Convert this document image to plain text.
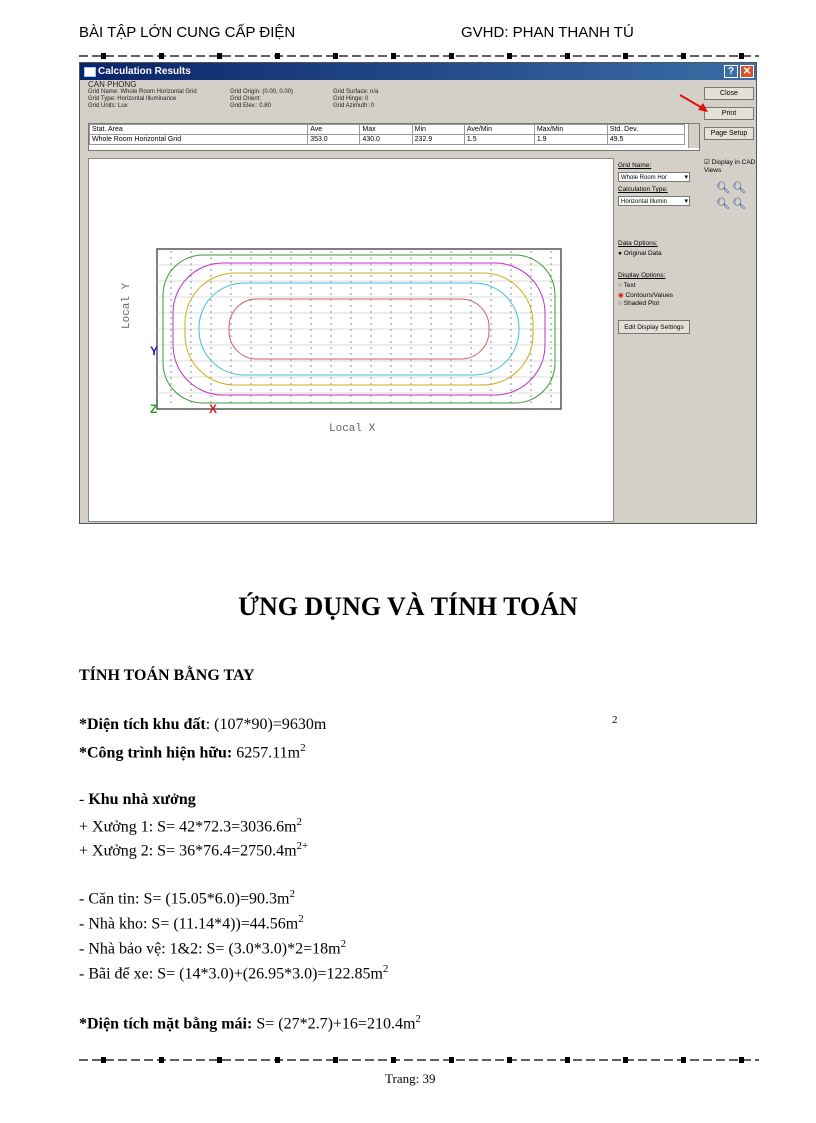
BÀI TẬP LỚN CUNG CẤP ĐIỆN	GVHD: PHAN THANH TÚ
Calculation Results	? ✕
CAN PHONG
Grid Name: Whole Room Horizontal Grid
Grid Type: Horizontal Illuminance
Grid Units: Lux
Grid Origin: (0.00, 0.00)
Grid Orient:
Grid Elev.: 0.80
Grid Surface: n/a
Grid Hinge: 0
Grid Azimuth: 0
Stat. Area	Ave	Max	Min	Ave/Min	Max/Min	Std. Dev.
Whole Room Horizontal Grid	353.0	430.0	232.9	1.5	1.9	49.5
Local Y
Local X
Y
Z	X
Grid Name:
Whole Room Hor ▾
Calculation Type:
Horizontal Illumin ▾
Data Options:
● Original Data
Display Options:
○ Text
◉ Contours/Values
○ Shaded Plot
Edit Display Settings
Close
Print
Page Setup
☑ Display in CAD Views
🔍︎ 🔍︎
🔍︎ 🔍︎
ỨNG DỤNG VÀ TÍNH TOÁN
TÍNH TOÁN BẰNG TAY
*Diện tích khu đất: (107*90)=9630m	2
*Công trình hiện hữu: $6257.11m^2$
- Khu nhà xưởng
+ Xưởng 1: $S= 42*72.3=3036.6m^2$
+ Xưởng 2: $S= 36*76.4=2750.4m^{2+}$
- Căn tin: $S= (15.05*6.0)=90.3m^2$
- Nhà kho: $S= (11.14*4))=44.56m^2$
- Nhà bảo vệ: 1&2: $S= (3.0*3.0)*2=18m^2$
- Bãi để xe: $S= (14*3.0)+(26.95*3.0)=122.85m^2$
*Diện tích mặt bằng mái: $S= (27*2.7)+16=210.4m^2$
Trang: 39
